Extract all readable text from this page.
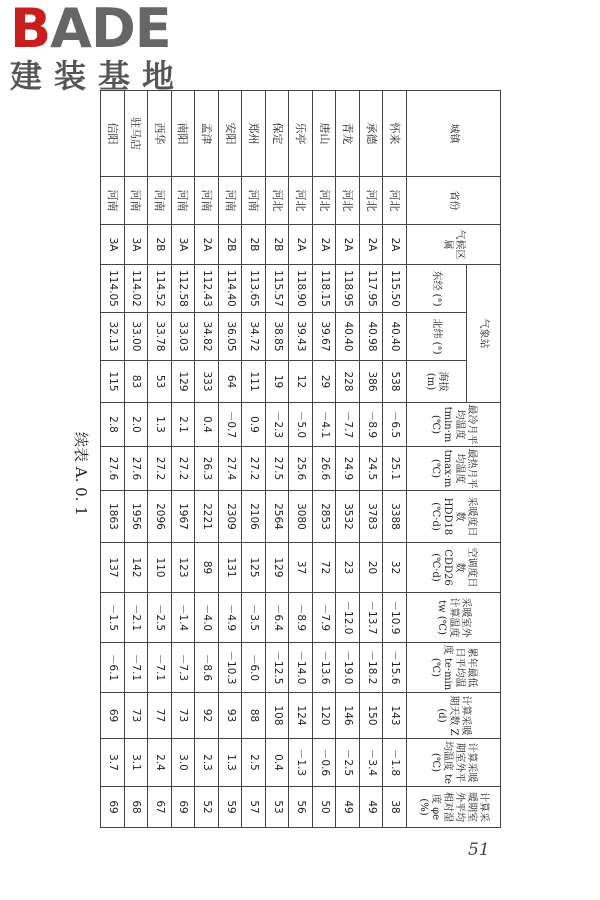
BADE
建装基地
续表 A. 0. 1
城镇	省份	气候区属	气象站			最冷月平均温度 tmin·m (℃)	最热月平均温度 tmax·m (℃)	采暖度日数 HDD18 (℃·d)	空调度日数 CDD26 (℃·d)	采暖室外计算温度 tw (℃)	累年最低日平均温度 te·min (℃)	计算采暖期天数 Z (d)	计算采暖期室外平均温度 te (℃)	计算采暖期室外平均相对湿度 φe (%)
			东经 (°)	北纬 (°)	海拔 (m)									
怀来	河北	2A	115.50	40.40	538	－6.5	25.1	3388	32	－10.9	－15.6	143	－1.8	38
承德	河北	2A	117.95	40.98	386	－8.9	24.5	3783	20	－13.7	－18.2	150	－3.4	49
青龙	河北	2A	118.95	40.40	228	－7.7	24.9	3532	23	－12.0	－19.0	146	－2.5	49
唐山	河北	2A	118.15	39.67	29	－4.1	26.6	2853	72	－7.9	－13.6	120	－0.6	50
乐亭	河北	2A	118.90	39.43	12	－5.0	25.6	3080	37	－8.9	－14.0	124	－1.3	56
保定	河北	2B	115.57	38.85	19	－2.3	27.5	2564	129	－6.4	－12.5	108	0.4	53
郑州	河南	2B	113.65	34.72	111	0.9	27.2	2106	125	－3.5	－6.0	88	2.5	57
安阳	河南	2B	114.40	36.05	64	－0.7	27.4	2309	131	－4.9	－10.3	93	1.3	59
孟津	河南	2A	112.43	34.82	333	0.4	26.3	2221	89	－4.0	－8.6	92	2.3	52
南阳	河南	3A	112.58	33.03	129	2.1	27.2	1967	123	－1.4	－7.3	73	3.0	69
西华	河南	2B	114.52	33.78	53	1.3	27.2	2096	110	－2.5	－7.1	77	2.4	67
驻马店	河南	3A	114.02	33.00	83	2.0	27.6	1956	142	－2.1	－7.1	73	3.1	68
信阳	河南	3A	114.05	32.13	115	2.8	27.6	1863	137	－1.5	－6.1	69	3.7	69
51
